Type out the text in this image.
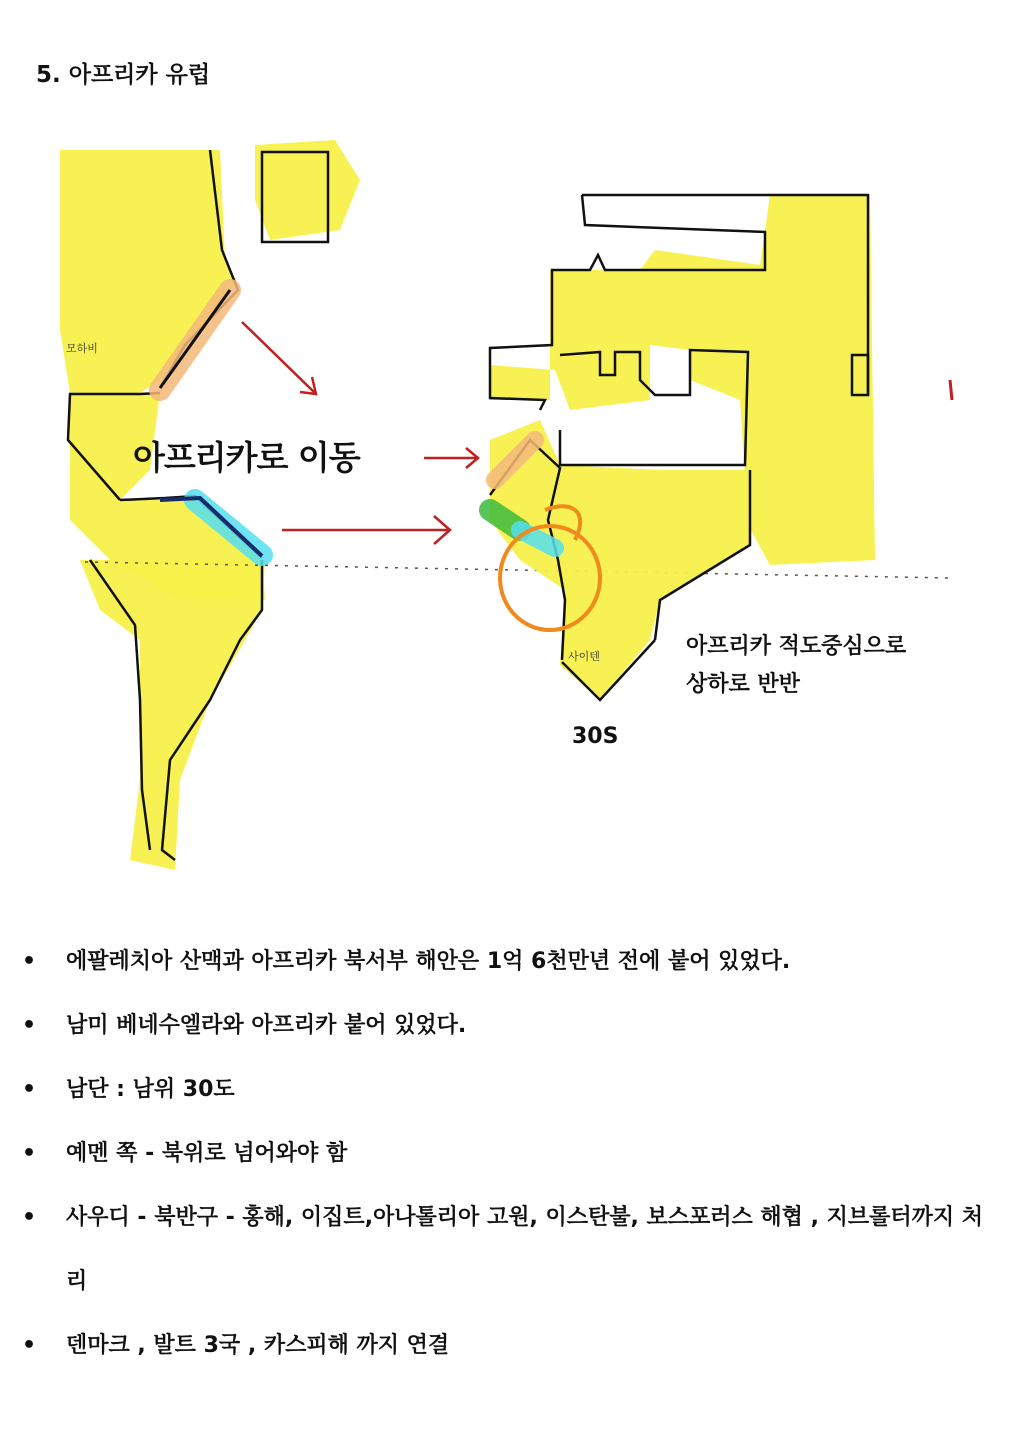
5. 아프리카 유럽
아프리카로 이동
모하비
사이텐	아프리카 적도중심으로
상하로 반반
30S
• 에팔레치아 산맥과 아프리카 북서부 해안은 1억 6천만년 전에 붙어 있었다.
• 남미 베네수엘라와 아프리카 붙어 있었다.
• 남단 : 남위 30도
• 예멘 쪽 - 북위로 넘어와야 함
• 사우디 - 북반구 - 홍해, 이집트,아나톨리아 고원, 이스탄불, 보스포러스 해협 , 지브롤터까지 처리
• 덴마크 , 발트 3국 , 카스피해 까지 연결
